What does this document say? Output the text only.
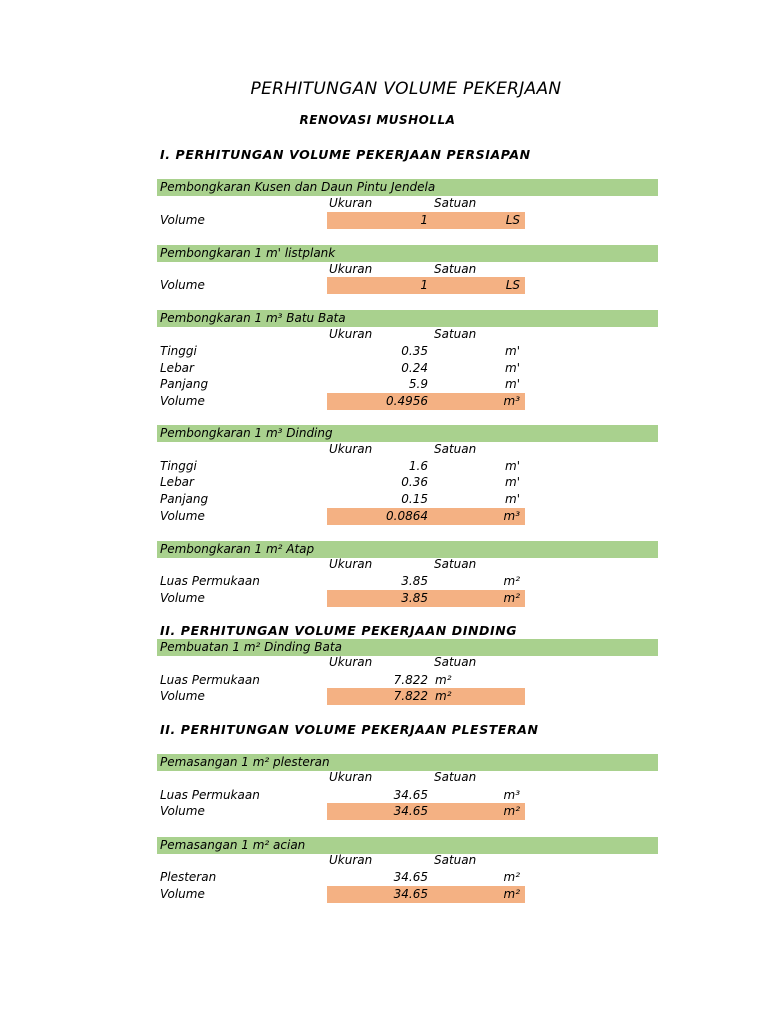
PERHITUNGAN VOLUME PEKERJAAN
RENOVASI MUSHOLLA
I. PERHITUNGAN VOLUME PEKERJAAN PERSIAPAN
Pembongkaran Kusen dan Daun Pintu Jendela
Ukuran	Satuan
Volume	1	LS
Pembongkaran 1 m' listplank
Ukuran	Satuan
Volume	1	LS
Pembongkaran 1 m³ Batu Bata
Ukuran	Satuan
Tinggi	0.35	m'
Lebar	0.24	m'
Panjang	5.9	m'
Volume	0.4956	m³
Pembongkaran 1 m³ Dinding
Ukuran	Satuan
Tinggi	1.6	m'
Lebar	0.36	m'
Panjang	0.15	m'
Volume	0.0864	m³
Pembongkaran 1 m² Atap
Ukuran	Satuan
Luas Permukaan	3.85	m²
Volume	3.85	m²
II. PERHITUNGAN VOLUME PEKERJAAN DINDING
Pembuatan 1 m² Dinding Bata
Ukuran	Satuan
Luas Permukaan	7.822 m²
Volume	7.822 m²
II. PERHITUNGAN VOLUME PEKERJAAN PLESTERAN
Pemasangan 1 m² plesteran
Ukuran	Satuan
Luas Permukaan	34.65	m³
Volume	34.65	m²
Pemasangan 1 m² acian
Ukuran	Satuan
Plesteran	34.65	m²
Volume	34.65	m²
